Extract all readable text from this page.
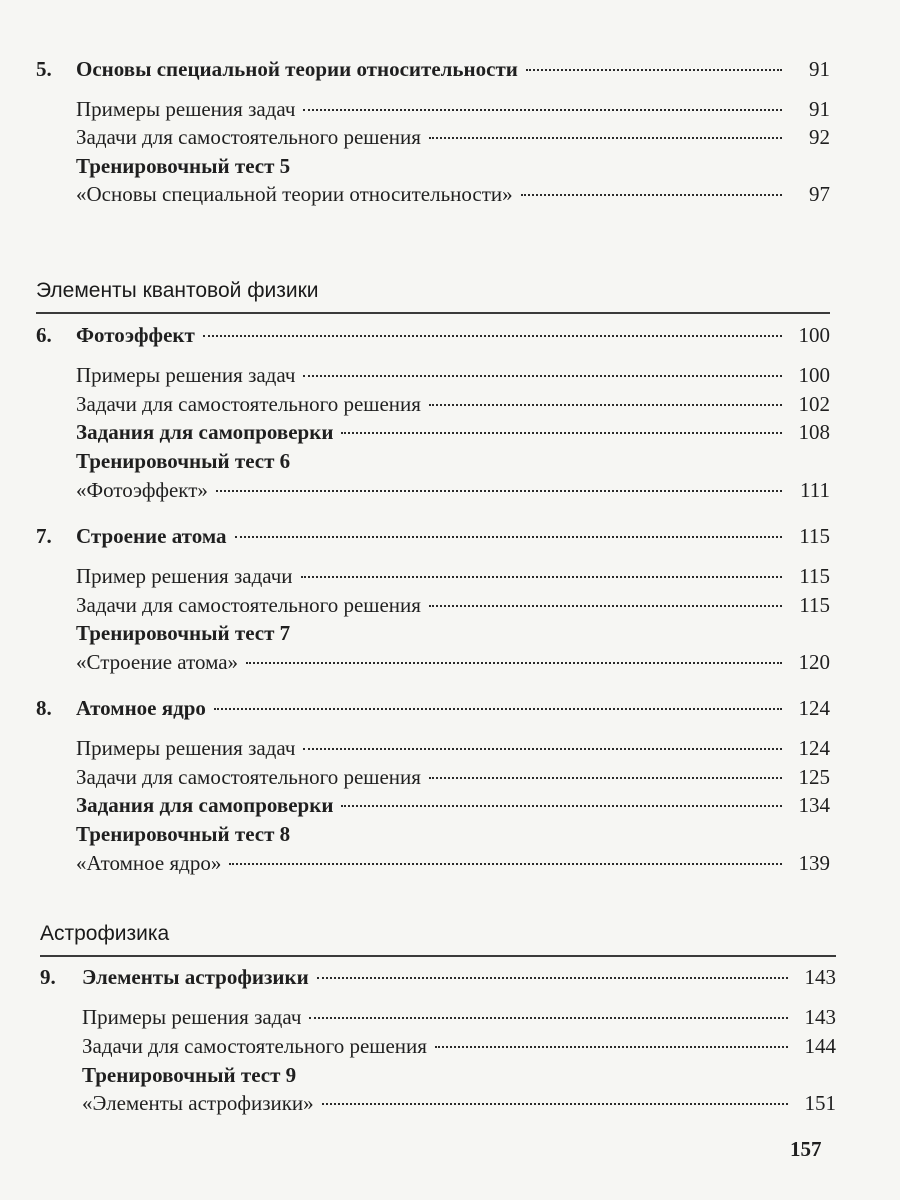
5.	Основы специальной теории относительности	91
Примеры решения задач	91
Задачи для самостоятельного решения	92
Тренировочный тест 5
«Основы специальной теории относительности»	97
Элементы квантовой физики
6.	Фотоэффект	100
Примеры решения задач	100
Задачи для самостоятельного решения	102
Задания для самопроверки	108
Тренировочный тест 6
«Фотоэффект»	111
7.	Строение атома	115
Пример решения задачи	115
Задачи для самостоятельного решения	115
Тренировочный тест 7
«Строение атома»	120
8.	Атомное ядро	124
Примеры решения задач	124
Задачи для самостоятельного решения	125
Задания для самопроверки	134
Тренировочный тест 8
«Атомное ядро»	139
Астрофизика
9.	Элементы астрофизики	143
Примеры решения задач	143
Задачи для самостоятельного решения	144
Тренировочный тест 9
«Элементы астрофизики»	151
157
